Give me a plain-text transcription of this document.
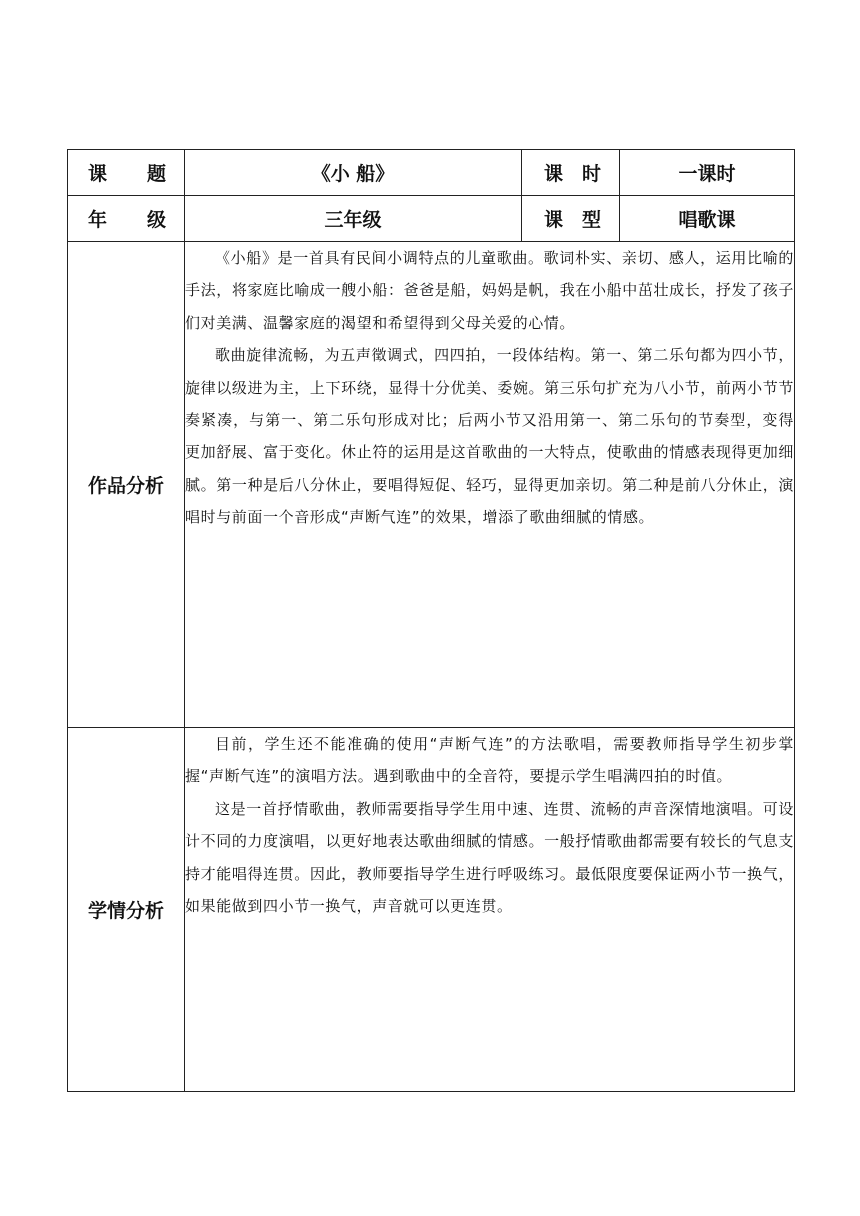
课 题	《小 船》	课 时	一课时

年 级	三年级	课 型	唱歌课
作品分析	《小船》是一首具有民间小调特点的儿童歌曲。歌词朴实、亲切、感人，运用比喻的手法，将家庭比喻成一艘小船：爸爸是船，妈妈是帆，我在小船中茁壮成长，抒发了孩子们对美满、温馨家庭的渴望和希望得到父母关爱的心情。

歌曲旋律流畅，为五声徵调式，四四拍，一段体结构。第一、第二乐句都为四小节，旋律以级进为主，上下环绕，显得十分优美、委婉。第三乐句扩充为八小节，前两小节节奏紧凑，与第一、第二乐句形成对比；后两小节又沿用第一、第二乐句的节奏型，变得　 更加舒展、富于变化。休止符的运用是这首歌曲的一大特点，使歌曲的情感表现得更加细腻。第一种是后八分休止，要唱得短促、轻巧，显得更加亲切。第二种是前八分休止，演唱时与前面一个音形成“声断气连”的效果，增添了歌曲细腻的情感。		

学情分析	目前，学生还不能准确的使用“声断气连”的方法歌唱，需要教师指导学生初步掌握“声断气连”的演唱方法。遇到歌曲中的全音符，要提示学生唱满四拍的时值。

这是一首抒情歌曲，教师需要指导学生用中速、连贯、流畅的声音深情地演唱。可设计不同的力度演唱，以更好地表达歌曲细腻的情感。一般抒情歌曲都需要有较长的气息支持才能唱得连贯。因此，教师要指导学生进行呼吸练习。最低限度要保证两小节一换气，如果能做到四小节一换气，声音就可以更连贯。		
